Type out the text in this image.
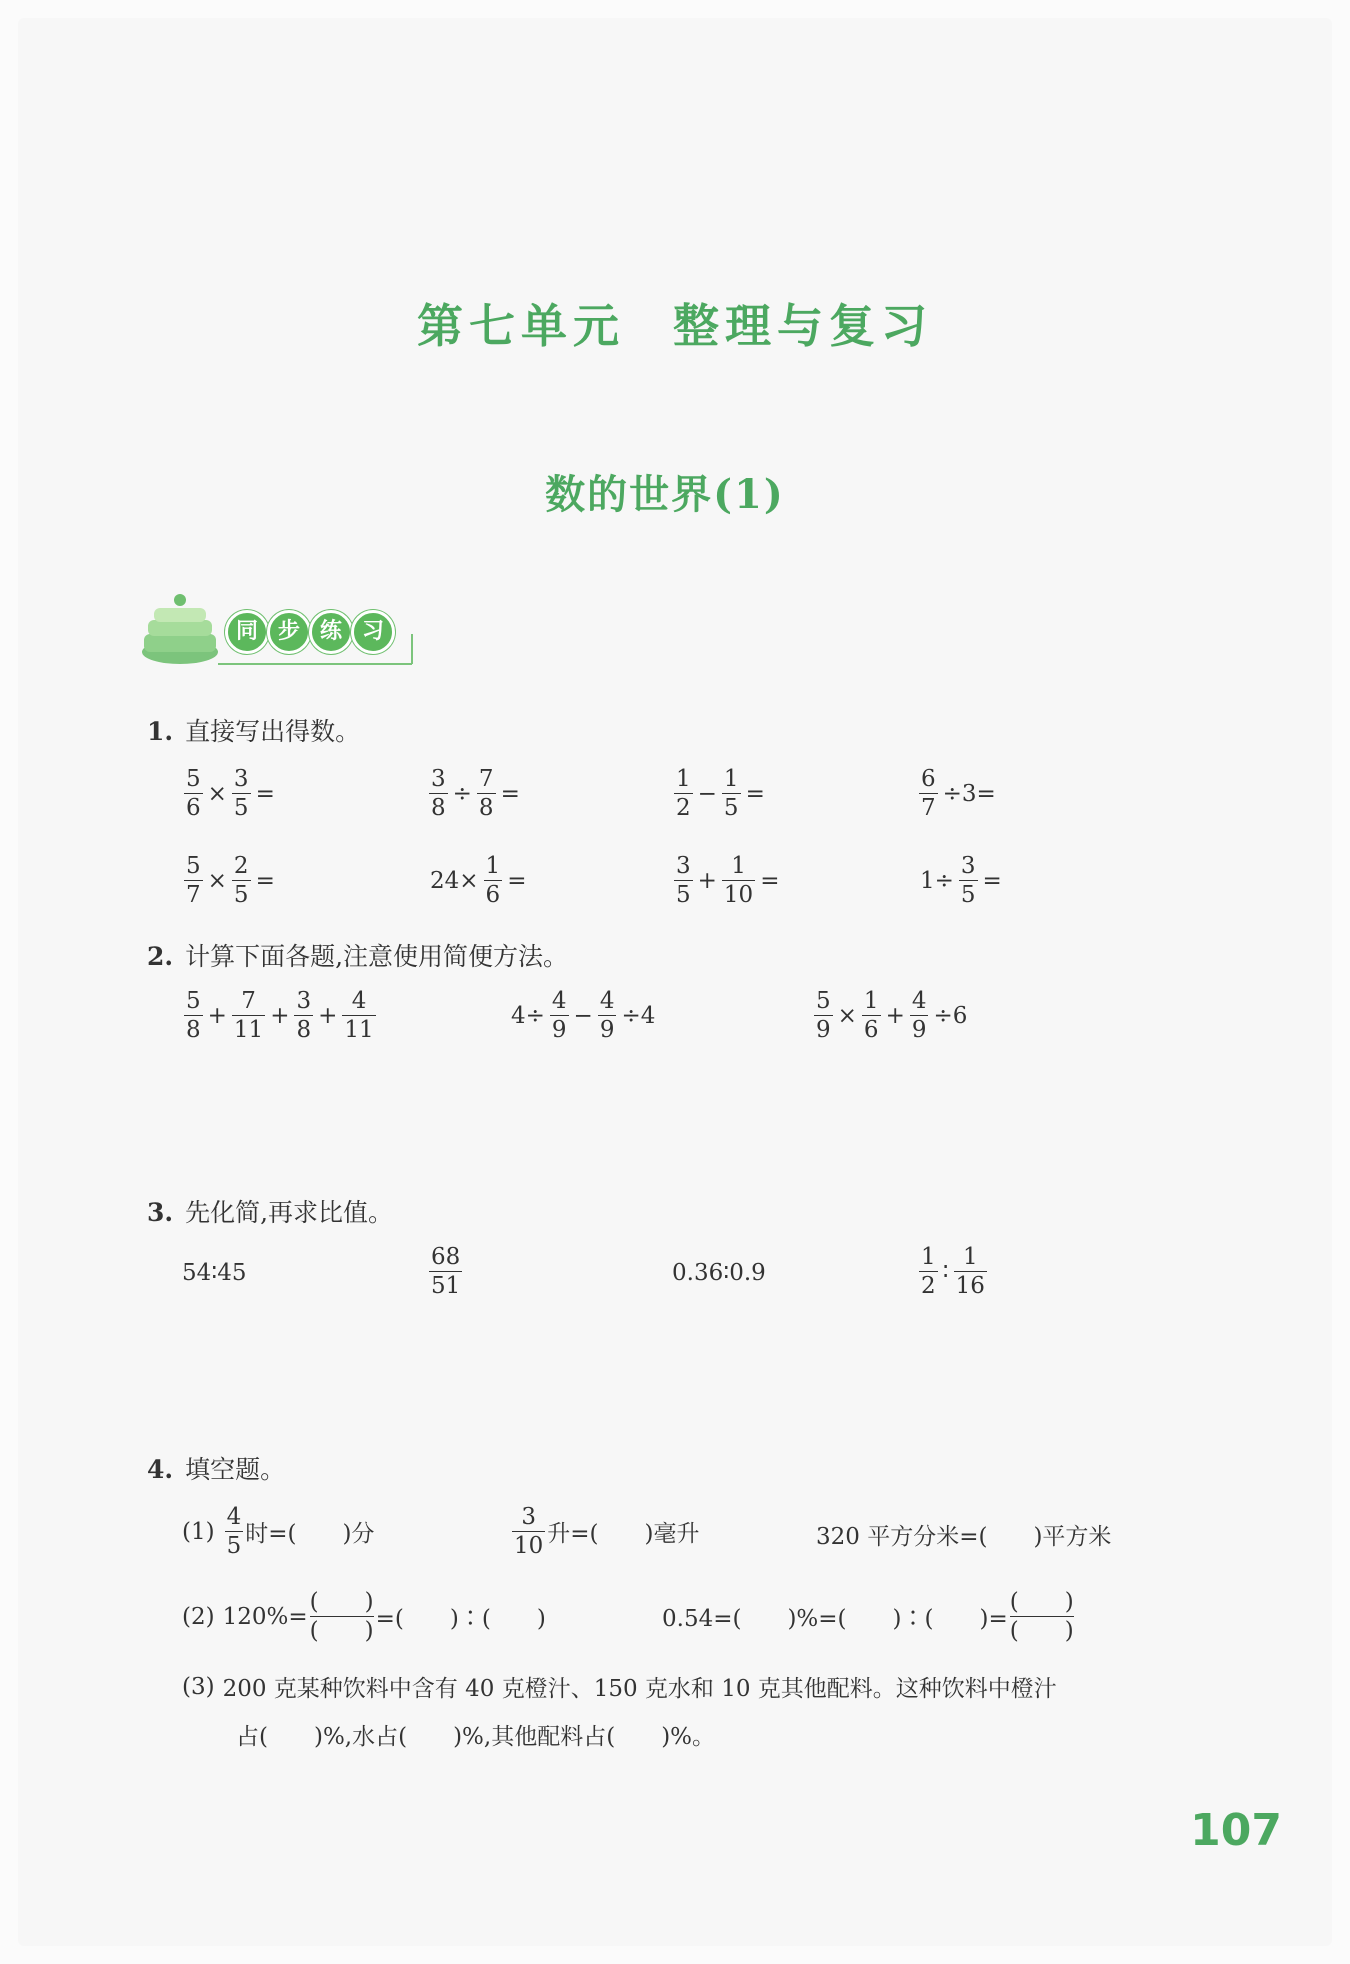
第七单元 整理与复习
数的世界(1)
同 步 练 习
1. 直接写出得数。
$\frac{5}{6} \times \frac{3}{5}$ =	$\frac{3}{8} \div \frac{7}{8}$ =	$\frac{1}{2} - \frac{1}{5}$ =	$\frac{6}{7} \div 3=$
$\frac{5}{7} \times \frac{2}{5}$ =	$24\times \frac{1}{6}$ =	$\frac{3}{5} + \frac{1}{10}$ =	$1\div \frac{3}{5}$ =
2. 计算下面各题,注意使用简便方法。
$\frac{5}{8} + \frac{7}{11} + \frac{3}{8} + \frac{4}{11}$	$4\div \frac{4}{9} - \frac{4}{9} \div 4$	$\frac{5}{9} \times \frac{1}{6} + \frac{4}{9} \div 6$
3. 先化简,再求比值。
54∶45	$\frac{68}{51}$	0.36∶0.9	$\frac{1}{2}$ ∶ $\frac{1}{16}$
4. 填空题。
$(1) \frac{4}{5}$ 时=(　　)分	$\frac{3}{10}$ 升=(　　)毫升	320 平方分米=(　　)平方米
(2) 120%=
(　　)
(　　) =(　　)∶(　　)	0.54=(　　)%=(　　)∶(　　)=
(　　)
(　　)
(3) 200 克某种饮料中含有 40 克橙汁、150 克水和 10 克其他配料。这种饮料中橙汁
占(　　)%,水占(　　)%,其他配料占(　　)%。
107
